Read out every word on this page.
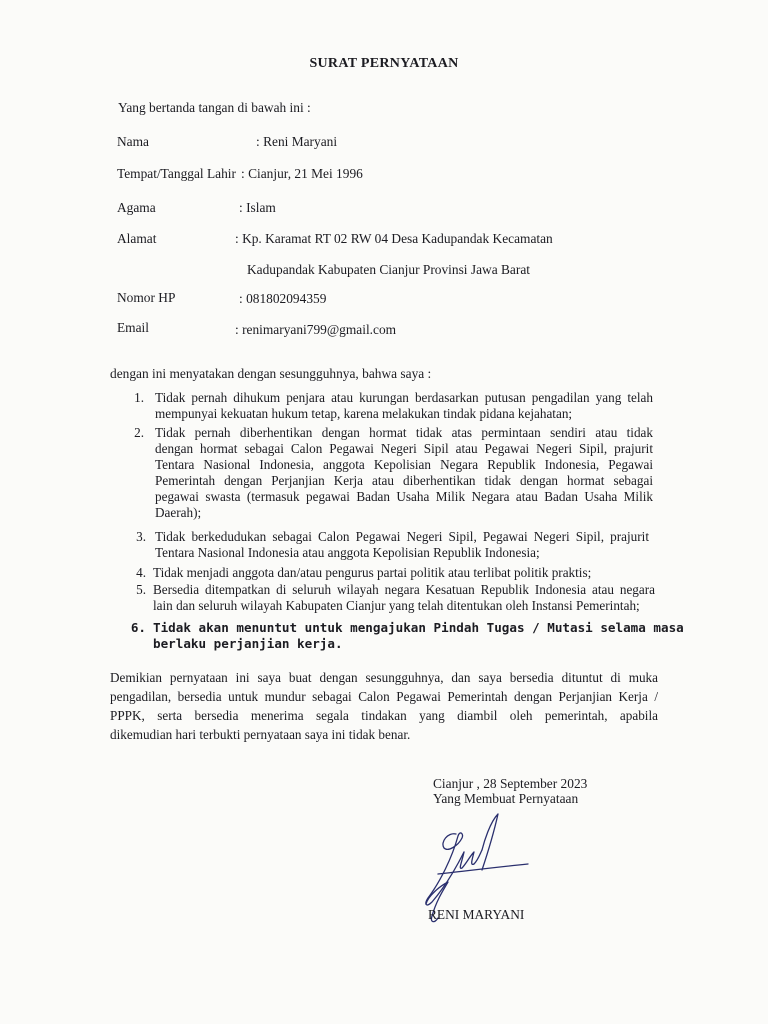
SURAT PERNYATAAN
Yang bertanda tangan di bawah ini :
Nama	: Reni Maryani
Tempat/Tanggal Lahir : Cianjur, 21 Mei 1996
Agama	: Islam
Alamat	: Kp. Karamat RT 02 RW 04 Desa Kadupandak Kecamatan
Kadupandak Kabupaten Cianjur Provinsi Jawa Barat
Nomor HP	: 081802094359
Email	: renimaryani799@gmail.com
dengan ini menyatakan dengan sesungguhnya, bahwa saya :
1. Tidak pernah dihukum penjara atau kurungan berdasarkan putusan pengadilan yang telah
mempunyai kekuatan hukum tetap, karena melakukan tindak pidana kejahatan;
2. Tidak pernah diberhentikan dengan hormat tidak atas permintaan sendiri atau tidak
dengan hormat sebagai Calon Pegawai Negeri Sipil atau Pegawai Negeri Sipil, prajurit
Tentara Nasional Indonesia, anggota Kepolisian Negara Republik Indonesia, Pegawai
Pemerintah dengan Perjanjian Kerja atau diberhentikan tidak dengan hormat sebagai
pegawai swasta (termasuk pegawai Badan Usaha Milik Negara atau Badan Usaha Milik
Daerah);
3. Tidak berkedudukan sebagai Calon Pegawai Negeri Sipil, Pegawai Negeri Sipil, prajurit
Tentara Nasional Indonesia atau anggota Kepolisian Republik Indonesia;
4. Tidak menjadi anggota dan/atau pengurus partai politik atau terlibat politik praktis;
5. Bersedia ditempatkan di seluruh wilayah negara Kesatuan Republik Indonesia atau negara
lain dan seluruh wilayah Kabupaten Cianjur yang telah ditentukan oleh Instansi Pemerintah;
6. Tidak akan menuntut untuk mengajukan Pindah Tugas / Mutasi selama masa
berlaku perjanjian kerja.
Demikian pernyataan ini saya buat dengan sesungguhnya, dan saya bersedia dituntut di muka
pengadilan, bersedia untuk mundur sebagai Calon Pegawai Pemerintah dengan Perjanjian Kerja /
PPPK, serta bersedia menerima segala tindakan yang diambil oleh pemerintah, apabila
dikemudian hari terbukti pernyataan saya ini tidak benar.
Cianjur , 28 September 2023
Yang Membuat Pernyataan
RENI MARYANI
